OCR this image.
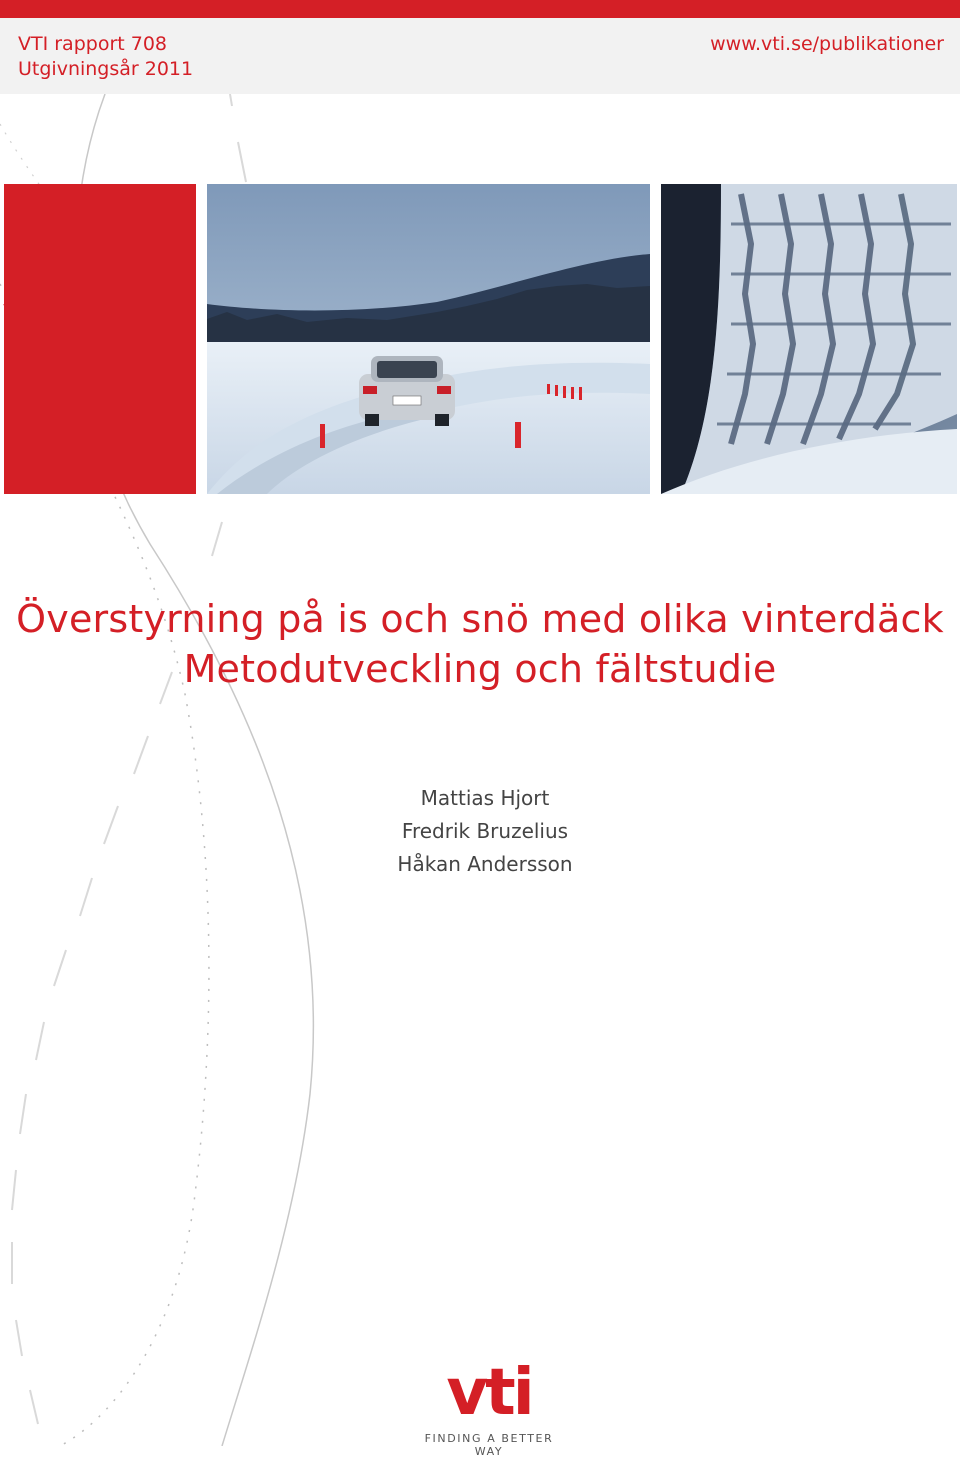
VTI rapport 708
Utgivningsår 2011
www.vti.se/publikationer
Överstyrning på is och snö med olika vinterdäck
Metodutveckling och fältstudie
Mattias Hjort
Fredrik Bruzelius
Håkan Andersson
vti
FINDING A BETTER WAY
